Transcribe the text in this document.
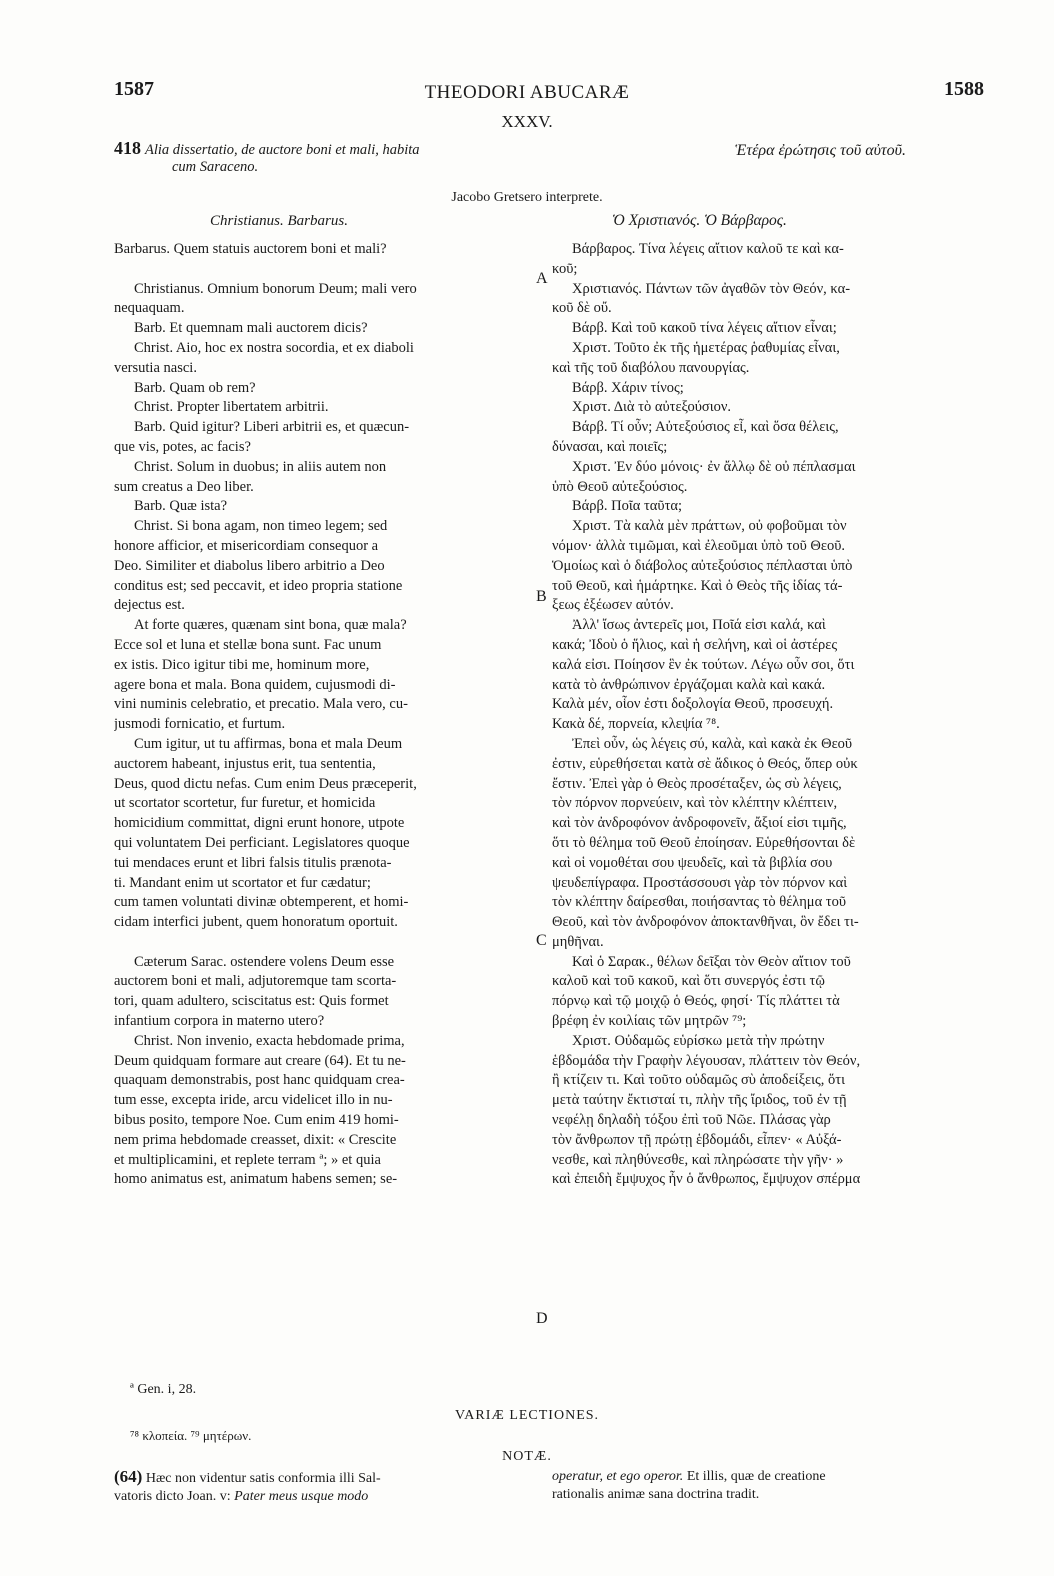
1587	THEODORI ABUCARÆ	1588
XXXV.
418 Alia dissertatio, de auctore boni et mali, habita
cum Saraceno.
Ἑτέρα ἐρώτησις τοῦ αὐτοῦ.
Jacobo Gretsero interprete.
Christianus. Barbarus.	Ὁ Χριστιανός. Ὁ Βάρβαρος.
Barbarus. Quem statuis auctorem boni et mali?
Christianus. Omnium bonorum Deum; mali vero
nequaquam.
Barb. Et quemnam mali auctorem dicis?
Christ. Aio, hoc ex nostra socordia, et ex diaboli
versutia nasci.
Barb. Quam ob rem?
Christ. Propter libertatem arbitrii.
Barb. Quid igitur? Liberi arbitrii es, et quæcun-
que vis, potes, ac facis?
Christ. Solum in duobus; in aliis autem non
sum creatus a Deo liber.
Barb. Quæ ista?
Christ. Si bona agam, non timeo legem; sed
honore afficior, et misericordiam consequor a
Deo. Similiter et diabolus libero arbitrio a Deo
conditus est; sed peccavit, et ideo propria statione
dejectus est.
At forte quæres, quænam sint bona, quæ mala?
Ecce sol et luna et stellæ bona sunt. Fac unum
ex istis. Dico igitur tibi me, hominum more,
agere bona et mala. Bona quidem, cujusmodi di-
vini numinis celebratio, et precatio. Mala vero, cu-
jusmodi fornicatio, et furtum.
Cum igitur, ut tu affirmas, bona et mala Deum
auctorem habeant, injustus erit, tua sententia,
Deus, quod dictu nefas. Cum enim Deus præceperit,
ut scortator scortetur, fur furetur, et homicida
homicidium committat, digni erunt honore, utpote
qui voluntatem Dei perficiant. Legislatores quoque
tui mendaces erunt et libri falsis titulis prænota-
ti. Mandant enim ut scortator et fur cædatur;
cum tamen voluntati divinæ obtemperent, et homi-
cidam interfici jubent, quem honoratum oportuit.
Cæterum Sarac. ostendere volens Deum esse
auctorem boni et mali, adjutoremque tam scorta-
tori, quam adultero, sciscitatus est: Quis formet
infantium corpora in materno utero?
Christ. Non invenio, exacta hebdomade prima,
Deum quidquam formare aut creare (64). Et tu ne-
quaquam demonstrabis, post hanc quidquam crea-
tum esse, excepta iride, arcu videlicet illo in nu-
bibus posito, tempore Noe. Cum enim 419 homi-
nem prima hebdomade creasset, dixit: « Crescite
et multiplicamini, et replete terram ª; » et quia
homo animatus est, animatum habens semen; se-
Βάρβαρος. Τίνα λέγεις αἴτιον καλοῦ τε καὶ κα-
κοῦ;
Χριστιανός. Πάντων τῶν ἀγαθῶν τὸν Θεόν, κα-
κοῦ δὲ οὔ.
Βάρβ. Καὶ τοῦ κακοῦ τίνα λέγεις αἴτιον εἶναι;
Χριστ. Τοῦτο ἐκ τῆς ἡμετέρας ῥαθυμίας εἶναι,
καὶ τῆς τοῦ διαβόλου πανουργίας.
Βάρβ. Χάριν τίνος;
Χριστ. Διὰ τὸ αὐτεξούσιον.
Βάρβ. Τί οὖν; Αὐτεξούσιος εἶ, καὶ ὅσα θέλεις,
δύνασαι, καὶ ποιεῖς;
Χριστ. Ἐν δύο μόνοις· ἐν ἄλλῳ δὲ οὐ πέπλασμαι
ὑπὸ Θεοῦ αὐτεξούσιος.
Βάρβ. Ποῖα ταῦτα;
Χριστ. Τὰ καλὰ μὲν πράττων, οὐ φοβοῦμαι τὸν
νόμον· ἀλλὰ τιμῶμαι, καὶ ἐλεοῦμαι ὑπὸ τοῦ Θεοῦ.
Ὁμοίως καὶ ὁ διάβολος αὐτεξούσιος πέπλασται ὑπὸ
τοῦ Θεοῦ, καὶ ἡμάρτηκε. Καὶ ὁ Θεὸς τῆς ἰδίας τά-
ξεως ἐξέωσεν αὐτόν.
Ἀλλ' ἴσως ἀντερεῖς μοι, Ποῖά εἰσι καλά, καὶ
κακά; Ἰδοὺ ὁ ἥλιος, καὶ ἡ σελήνη, καὶ οἱ ἀστέρες
καλά εἰσι. Ποίησον ἓν ἐκ τούτων. Λέγω οὖν σοι, ὅτι
κατὰ τὸ ἀνθρώπινον ἐργάζομαι καλὰ καὶ κακά.
Καλὰ μέν, οἷον ἐστι δοξολογία Θεοῦ, προσευχή.
Κακὰ δέ, πορνεία, κλεψία ⁷⁸.
Ἐπεὶ οὖν, ὡς λέγεις σύ, καλὰ, καὶ κακὰ ἐκ Θεοῦ
ἐστιν, εὑρεθήσεται κατὰ σὲ ἄδικος ὁ Θεός, ὅπερ οὐκ
ἔστιν. Ἐπεὶ γὰρ ὁ Θεὸς προσέταξεν, ὡς σὺ λέγεις,
τὸν πόρνον πορνεύειν, καὶ τὸν κλέπτην κλέπτειν,
καὶ τὸν ἀνδροφόνον ἀνδροφονεῖν, ἄξιοί εἰσι τιμῆς,
ὅτι τὸ θέλημα τοῦ Θεοῦ ἐποίησαν. Εὑρεθήσονται δὲ
καὶ οἱ νομοθέται σου ψευδεῖς, καὶ τὰ βιβλία σου
ψευδεπίγραφα. Προστάσσουσι γὰρ τὸν πόρνον καὶ
τὸν κλέπτην δαίρεσθαι, ποιήσαντας τὸ θέλημα τοῦ
Θεοῦ, καὶ τὸν ἀνδροφόνον ἀποκτανθῆναι, ὃν ἔδει τι-
μηθῆναι.
Καὶ ὁ Σαρακ., θέλων δεῖξαι τὸν Θεὸν αἴτιον τοῦ
καλοῦ καὶ τοῦ κακοῦ, καὶ ὅτι συνεργός ἐστι τῷ
πόρνῳ καὶ τῷ μοιχῷ ὁ Θεός, φησί· Τίς πλάττει τὰ
βρέφη ἐν κοιλίαις τῶν μητρῶν ⁷⁹;
Χριστ. Οὐδαμῶς εὑρίσκω μετὰ τὴν πρώτην
ἑβδομάδα τὴν Γραφὴν λέγουσαν, πλάττειν τὸν Θεόν,
ἢ κτίζειν τι. Καὶ τοῦτο οὐδαμῶς σὺ ἀποδείξεις, ὅτι
μετὰ ταύτην ἔκτισταί τι, πλὴν τῆς ἴριδος, τοῦ ἐν τῇ
νεφέλῃ δηλαδὴ τόξου ἐπὶ τοῦ Νῶε. Πλάσας γὰρ
τὸν ἄνθρωπον τῇ πρώτῃ ἑβδομάδι, εἶπεν· « Αὐξά-
νεσθε, καὶ πληθύνεσθε, καὶ πληρώσατε τὴν γῆν· »
καὶ ἐπειδὴ ἔμψυχος ἦν ὁ ἄνθρωπος, ἔμψυχον σπέρμα
A
B
C
D
ª Gen. i, 28.
VARIÆ LECTIONES.
⁷⁸ κλοπεία. ⁷⁹ μητέρων.
NOTÆ.
(64) Hæc non videntur satis conformia illi Sal-
vatoris dicto Joan. v: Pater meus usque modo
operatur, et ego operor. Et illis, quæ de creatione
rationalis animæ sana doctrina tradit.
